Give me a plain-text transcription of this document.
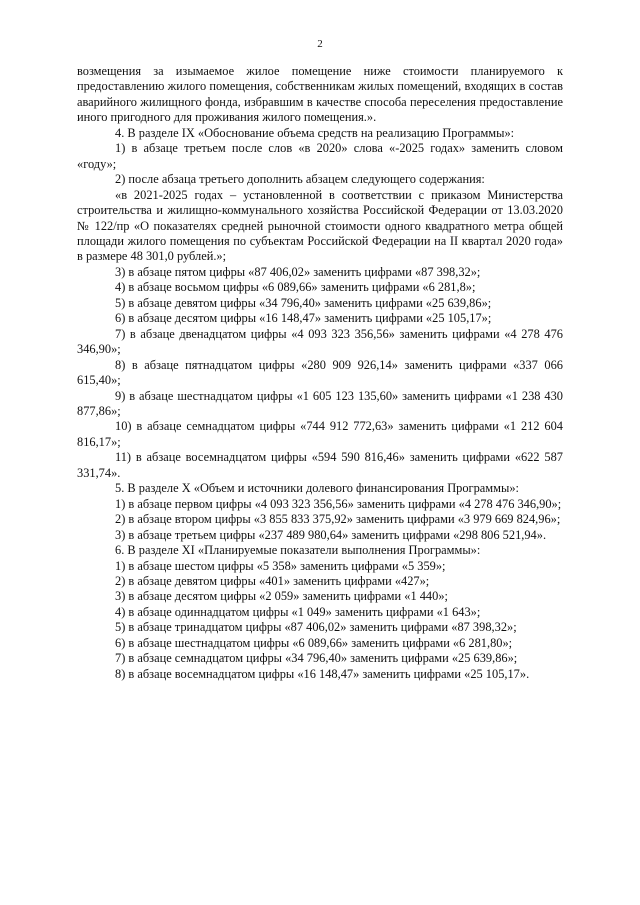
2

возмещения за изымаемое жилое помещение ниже стоимости планируемого к предоставлению жилого помещения, собственникам жилых помещений, входящих в состав аварийного жилищного фонда, избравшим в качестве способа переселения предоставление иного пригодного для проживания жилого помещения.».

4. В разделе IX «Обоснование объема средств на реализацию Программы»:

1) в абзаце третьем после слов «в 2020» слова «-2025 годах» заменить словом «году»;

2) после абзаца третьего дополнить абзацем следующего содержания:

«в 2021-2025 годах – установленной в соответствии с приказом Министерства строительства и жилищно-коммунального хозяйства Российской Федерации от 13.03.2020 № 122/пр «О показателях средней рыночной стоимости одного квадратного метра общей площади жилого помещения по субъектам Российской Федерации на II квартал 2020 года» в размере 48 301,0 рублей.»;

3) в абзаце пятом цифры «87 406,02» заменить цифрами «87 398,32»;

4) в абзаце восьмом цифры «6 089,66» заменить цифрами «6 281,8»;

5) в абзаце девятом цифры «34 796,40» заменить цифрами «25 639,86»;

6) в абзаце десятом цифры «16 148,47» заменить цифрами «25 105,17»;

7) в абзаце двенадцатом цифры «4 093 323 356,56» заменить цифрами «4 278 476 346,90»;

8) в абзаце пятнадцатом цифры «280 909 926,14» заменить цифрами «337 066 615,40»;

9) в абзаце шестнадцатом цифры «1 605 123 135,60» заменить цифрами «1 238 430 877,86»;

10) в абзаце семнадцатом цифры «744 912 772,63» заменить цифрами «1 212 604 816,17»;

11) в абзаце восемнадцатом цифры «594 590 816,46» заменить цифрами «622 587 331,74».

5. В разделе X «Объем и источники долевого финансирования Программы»:

1) в абзаце первом цифры «4 093 323 356,56» заменить цифрами «4 278 476 346,90»;

2) в абзаце втором цифры «3 855 833 375,92» заменить цифрами «3 979 669 824,96»;

3) в абзаце третьем цифры «237 489 980,64» заменить цифрами «298 806 521,94».

6. В разделе XI «Планируемые показатели выполнения Программы»:

1) в абзаце шестом цифры «5 358» заменить цифрами «5 359»;

2) в абзаце девятом цифры «401» заменить цифрами «427»;

3) в абзаце десятом цифры «2 059» заменить цифрами «1 440»;

4) в абзаце одиннадцатом цифры «1 049» заменить цифрами «1 643»;

5) в абзаце тринадцатом цифры «87 406,02» заменить цифрами «87 398,32»;

6) в абзаце шестнадцатом цифры «6 089,66» заменить цифрами «6 281,80»;

7) в абзаце семнадцатом цифры «34 796,40» заменить цифрами «25 639,86»;

8) в абзаце восемнадцатом цифры «16 148,47» заменить цифрами «25 105,17».
